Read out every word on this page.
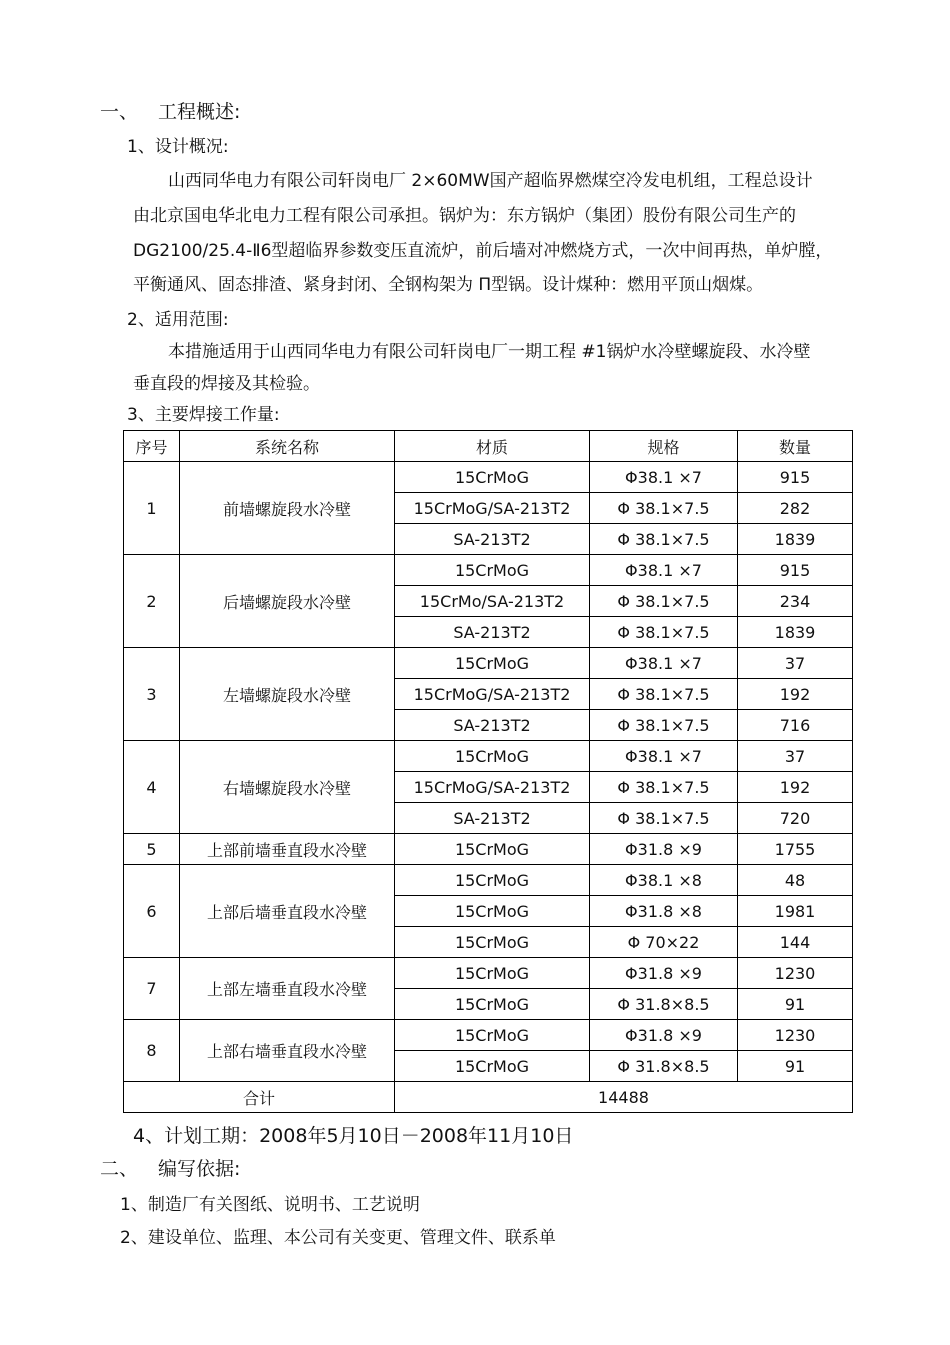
一、 工程概述:
1、设计概况:
山西同华电力有限公司轩岗电厂 2×60MW国产超临界燃煤空冷发电机组，工程总设计
由北京国电华北电力工程有限公司承担。锅炉为：东方锅炉（集团）股份有限公司生产的
DG2100/25.4-Ⅱ6型超临界参数变压直流炉，前后墙对冲燃烧方式，一次中间再热，单炉膛，
平衡通风、固态排渣、紧身封闭、全钢构架为 Π型锅。设计煤种：燃用平顶山烟煤。
2、适用范围:
本措施适用于山西同华电力有限公司轩岗电厂一期工程 #1锅炉水冷壁螺旋段、水冷壁
垂直段的焊接及其检验。
3、主要焊接工作量:
序号	系统名称	材质	规格	数量
1	前墙螺旋段水冷壁	15CrMoG	Φ38.1 ×7	915
		15CrMoG/SA-213T2	Φ 38.1×7.5	282
		SA-213T2	Φ 38.1×7.5	1839
2	后墙螺旋段水冷壁	15CrMoG	Φ38.1 ×7	915
		15CrMo/SA-213T2	Φ 38.1×7.5	234
		SA-213T2	Φ 38.1×7.5	1839
3	左墙螺旋段水冷壁	15CrMoG	Φ38.1 ×7	37
		15CrMoG/SA-213T2	Φ 38.1×7.5	192
		SA-213T2	Φ 38.1×7.5	716
4	右墙螺旋段水冷壁	15CrMoG	Φ38.1 ×7	37
		15CrMoG/SA-213T2	Φ 38.1×7.5	192
		SA-213T2	Φ 38.1×7.5	720
5	上部前墙垂直段水冷壁	15CrMoG	Φ31.8 ×9	1755
6	上部后墙垂直段水冷壁	15CrMoG	Φ38.1 ×8	48
		15CrMoG	Φ31.8 ×8	1981
		15CrMoG	Φ 70×22	144
7	上部左墙垂直段水冷壁	15CrMoG	Φ31.8 ×9	1230
		15CrMoG	Φ 31.8×8.5	91
8	上部右墙垂直段水冷壁	15CrMoG	Φ31.8 ×9	1230
		15CrMoG	Φ 31.8×8.5	91
合计		14488		
4、计划工期：2008年5月10日－2008年11月10日
二、 编写依据:
1、制造厂有关图纸、说明书、工艺说明
2、建设单位、监理、本公司有关变更、管理文件、联系单
